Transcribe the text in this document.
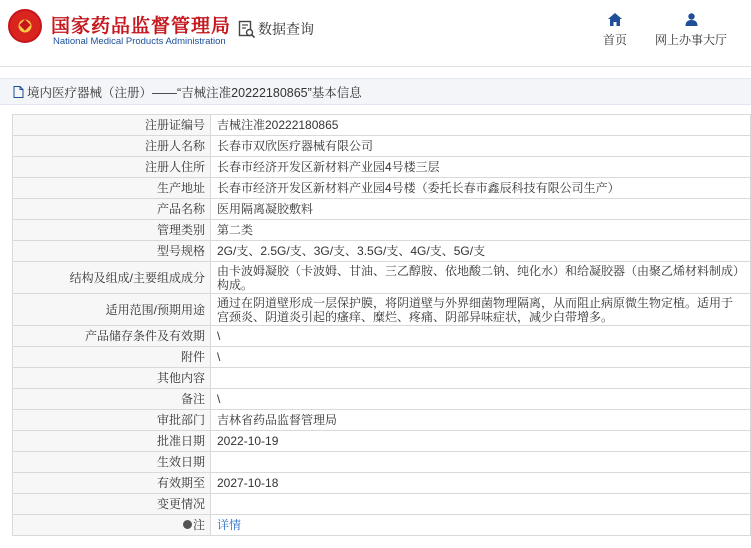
国家药品监督管理局
National Medical Products Administration
数据查询
首页 网上办事大厅
境内医疗器械（注册）——“吉械注准20222180865”基本信息
注册证编号	吉械注准20222180865
注册人名称	长春市双欣医疗器械有限公司
注册人住所	长春市经济开发区新材料产业园4号楼三层
生产地址	长春市经济开发区新材料产业园4号楼（委托长春市鑫辰科技有限公司生产）
产品名称	医用隔离凝胶敷料
管理类别	第二类
型号规格	2G/支、2.5G/支、3G/支、3.5G/支、4G/支、5G/支
结构及组成/主要组成成分	由卡波姆凝胶（卡波姆、甘油、三乙醇胺、依地酸二钠、纯化水）和给凝胶器（由聚乙烯材料制成）构成。
适用范围/预期用途	通过在阴道壁形成一层保护膜，将阴道壁与外界细菌物理隔离，从而阻止病原微生物定植。适用于宫颈炎、阴道炎引起的瘙痒、糜烂、疼痛、阴部异味症状，减少白带增多。
产品储存条件及有效期	\
附件	\
其他内容	
备注	\
审批部门	吉林省药品监督管理局
批准日期	2022-10-19
生效日期	
有效期至	2027-10-18
变更情况	
注	详情
